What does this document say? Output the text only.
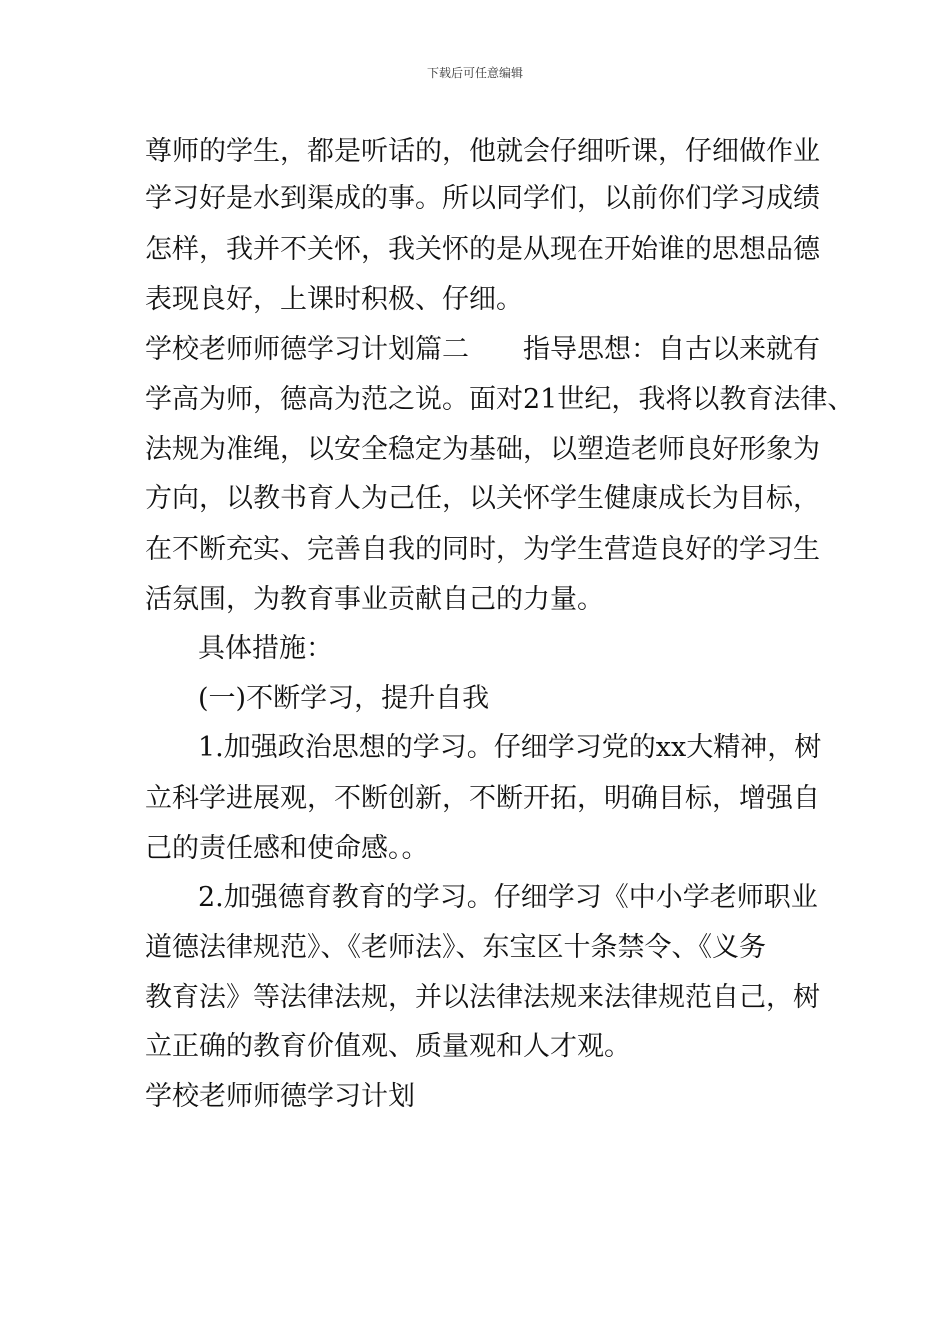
下载后可任意编辑
尊师的学生，都是听话的，他就会仔细听课，仔细做作业
学习好是水到渠成的事。所以同学们，以前你们学习成绩
怎样，我并不关怀，我关怀的是从现在开始谁的思想品德
表现良好，上课时积极、仔细。
学校老师师德学习计划篇二　　指导思想：自古以来就有
学高为师，德高为范之说。面对21世纪，我将以教育法律、
法规为准绳，以安全稳定为基础，以塑造老师良好形象为
方向，以教书育人为己任，以关怀学生健康成长为目标，
在不断充实、完善自我的同时，为学生营造良好的学习生
活氛围，为教育事业贡献自己的力量。
具体措施：
(一)不断学习，提升自我
1.加强政治思想的学习。仔细学习党的xx大精神，树
立科学进展观，不断创新，不断开拓，明确目标，增强自
己的责任感和使命感。。
2.加强德育教育的学习。仔细学习《中小学老师职业
道德法律规范》、《老师法》、东宝区十条禁令、《义务
教育法》等法律法规，并以法律法规来法律规范自己，树
立正确的教育价值观、质量观和人才观。
学校老师师德学习计划
